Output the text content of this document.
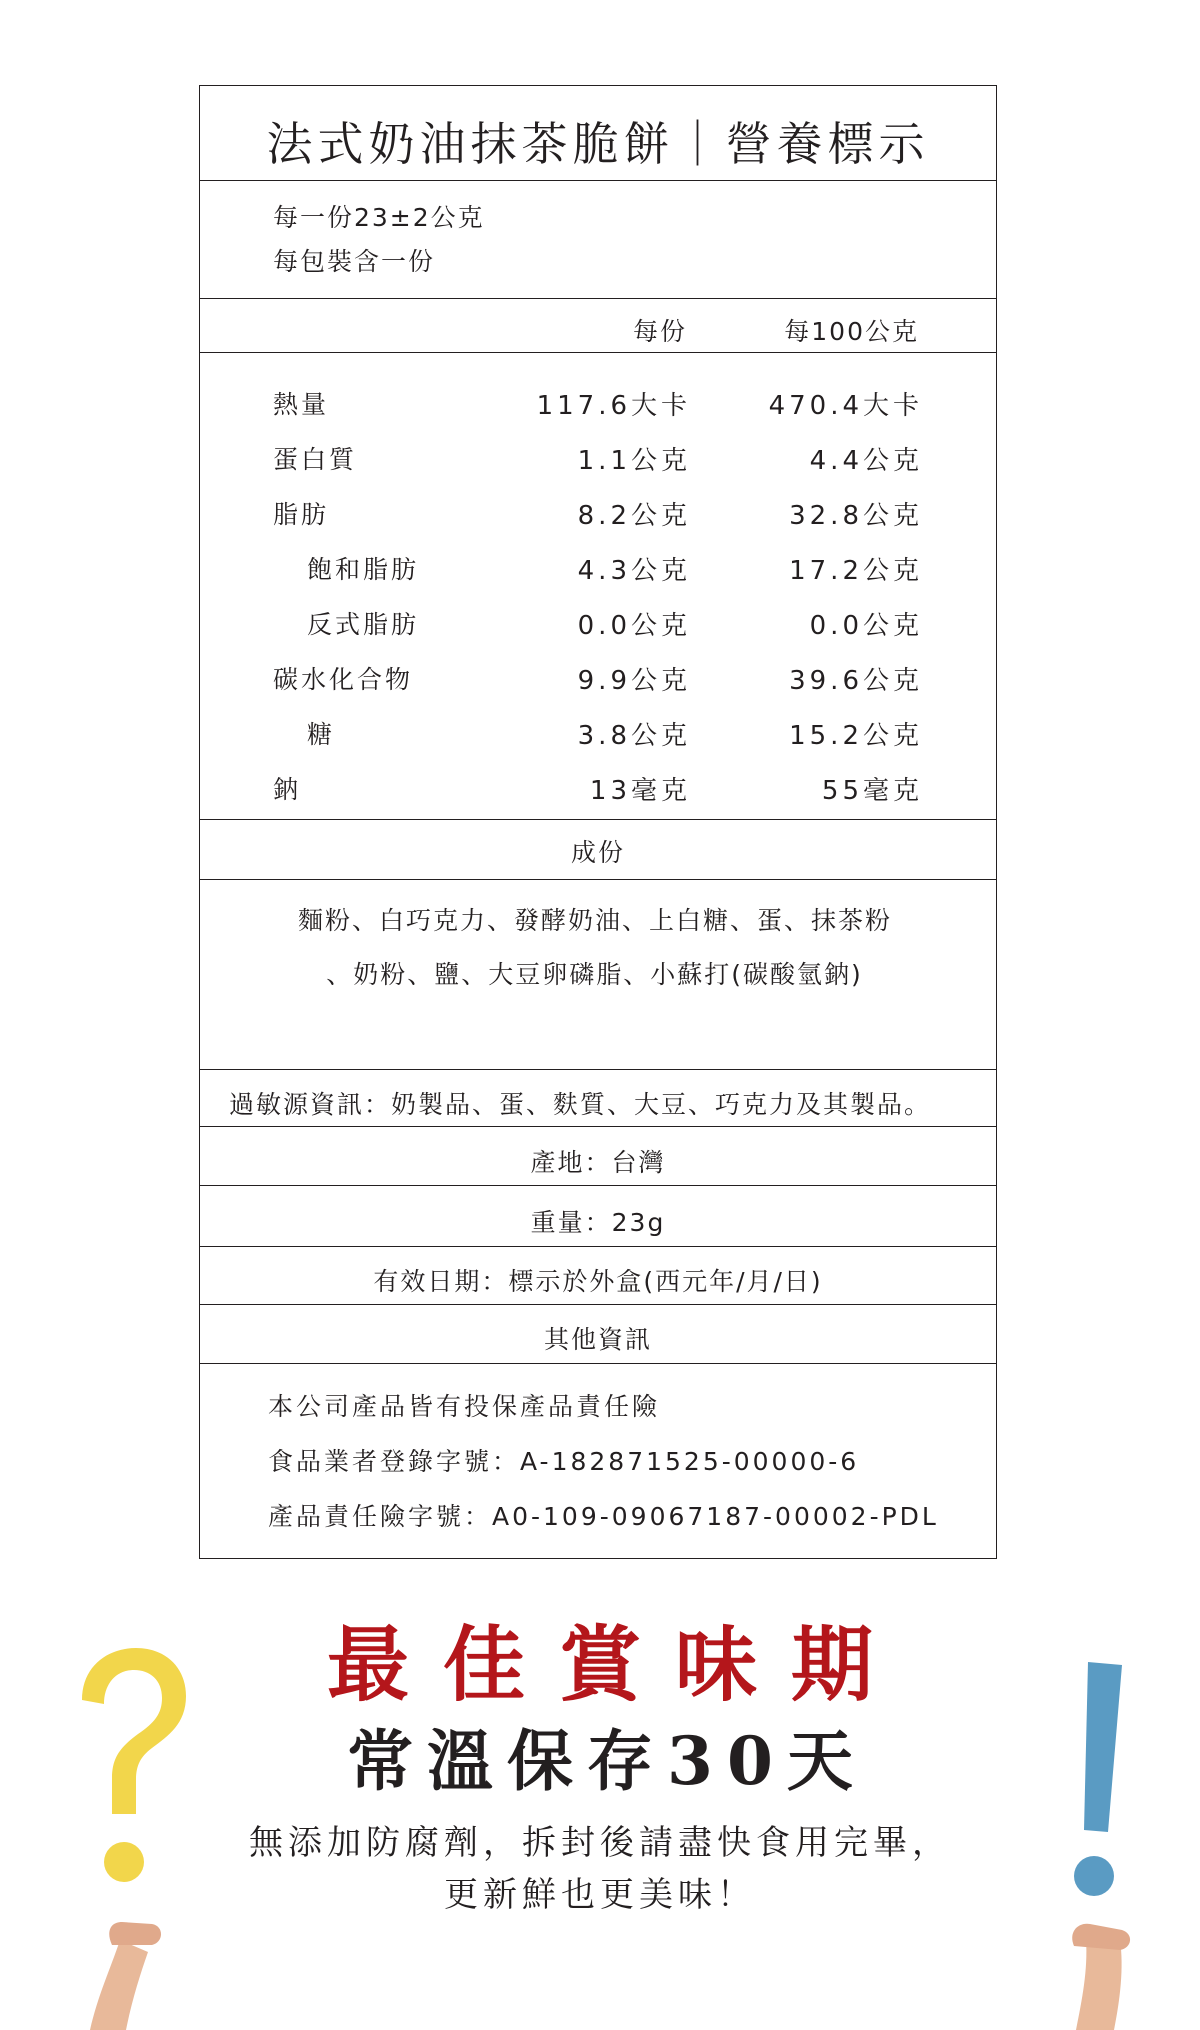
法式奶油抹茶脆餅｜營養標示
每一份23±2公克
每包裝含一份
每份	每100公克
熱量	117.6大卡	470.4大卡
蛋白質	1.1公克	4.4公克
脂肪	8.2公克	32.8公克
飽和脂肪	4.3公克	17.2公克
反式脂肪	0.0公克	0.0公克
碳水化合物	9.9公克	39.6公克
糖	3.8公克	15.2公克
鈉	13毫克	55毫克
成份
麵粉、白巧克力、發酵奶油、上白糖、蛋、抹茶粉
、奶粉、鹽、大豆卵磷脂、小蘇打(碳酸氫鈉)
過敏源資訊：奶製品、蛋、麩質、大豆、巧克力及其製品。
產地：台灣
重量：23g
有效日期：標示於外盒(西元年/月/日)
其他資訊
本公司產品皆有投保產品責任險
食品業者登錄字號：A-182871525-00000-6
產品責任險字號：A0-109-09067187-00002-PDL
最佳賞味期
常溫保存30天
無添加防腐劑，拆封後請盡快食用完畢，
更新鮮也更美味！
